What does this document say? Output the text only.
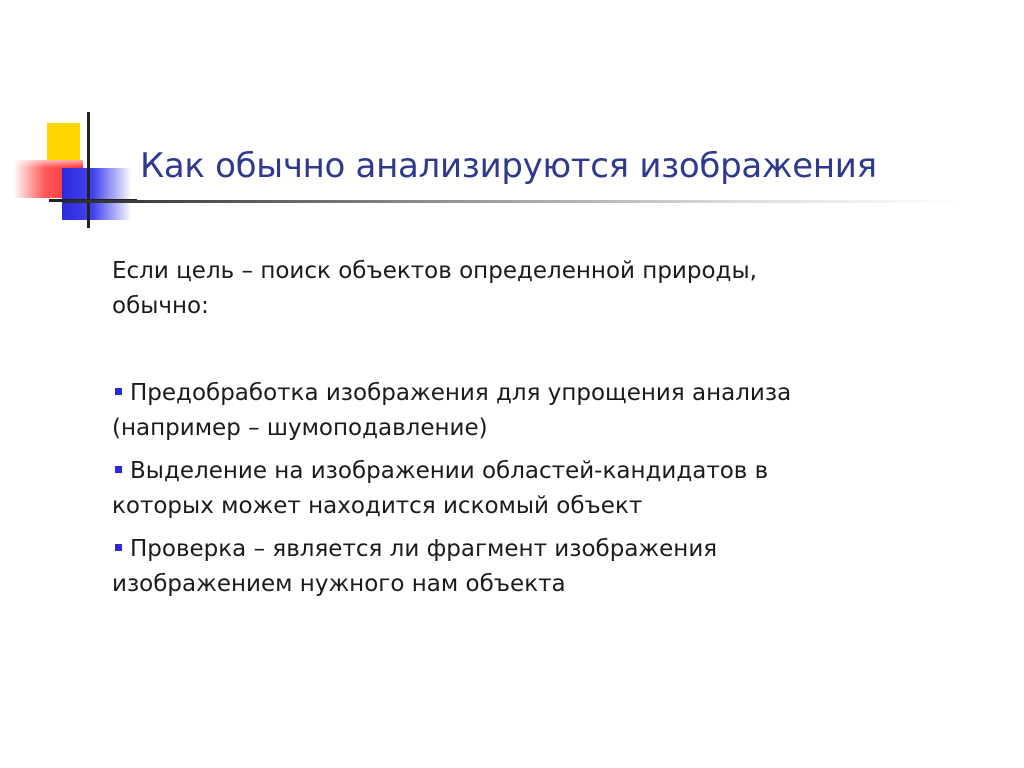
Как обычно анализируются изображения
Если цель – поиск объектов определенной природы,
обычно:
Предобработка изображения для упрощения анализа
(например – шумоподавление)
Выделение на изображении областей-кандидатов в
которых может находится искомый объект
Проверка – является ли фрагмент изображения
изображением нужного нам объекта
